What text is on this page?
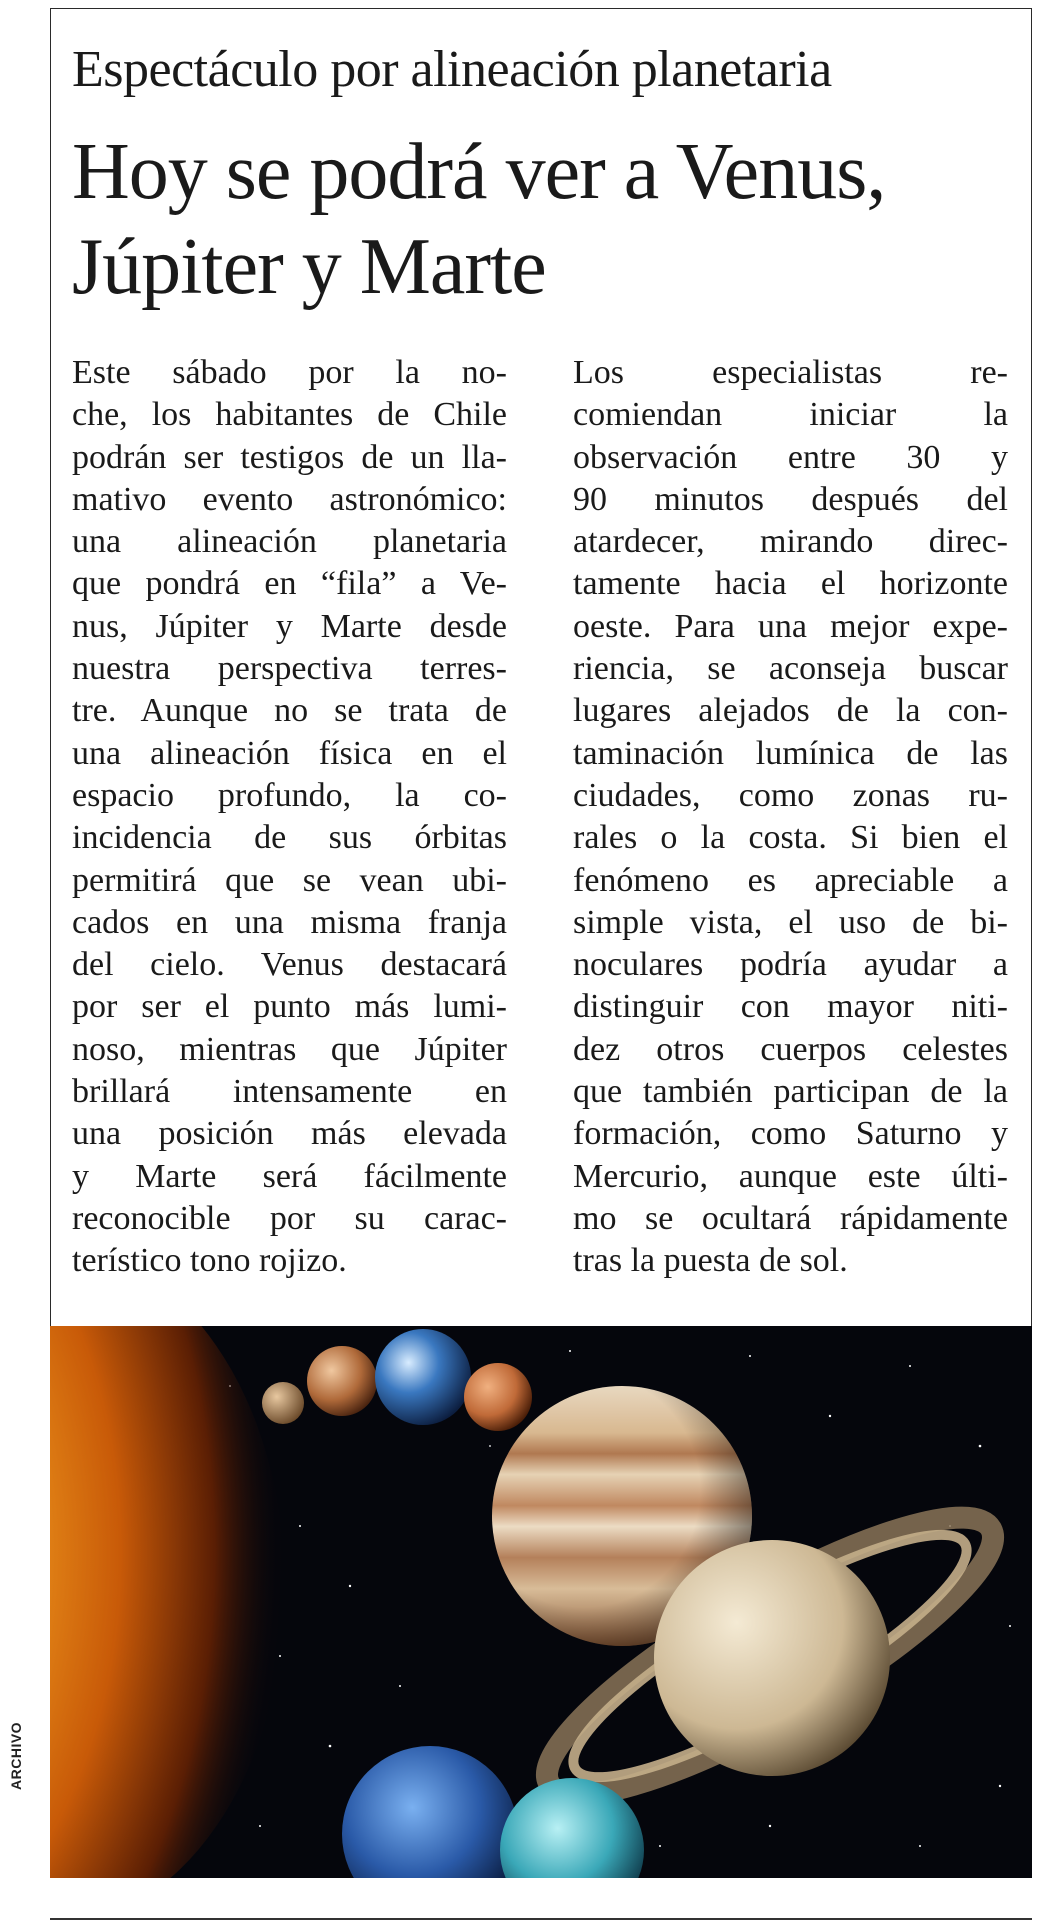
Espectáculo por alineación planetaria
Hoy se podrá ver a Venus,
Júpiter y Marte
Este sábado por la no-
che, los habitantes de Chile
podrán ser testigos de un lla-
mativo evento astronómico:
una alineación planetaria
que pondrá en “fila” a Ve-
nus, Júpiter y Marte desde
nuestra perspectiva terres-
tre. Aunque no se trata de
una alineación física en el
espacio profundo, la co-
incidencia de sus órbitas
permitirá que se vean ubi-
cados en una misma franja
del cielo. Venus destacará
por ser el punto más lumi-
noso, mientras que Júpiter
brillará intensamente en
una posición más elevada
y Marte será fácilmente
reconocible por su carac-
terístico tono rojizo.
Los especialistas re-
comiendan iniciar la
observación entre 30 y
90 minutos después del
atardecer, mirando direc-
tamente hacia el horizonte
oeste. Para una mejor expe-
riencia, se aconseja buscar
lugares alejados de la con-
taminación lumínica de las
ciudades, como zonas ru-
rales o la costa. Si bien el
fenómeno es apreciable a
simple vista, el uso de bi-
noculares podría ayudar a
distinguir con mayor niti-
dez otros cuerpos celestes
que también participan de la
formación, como Saturno y
Mercurio, aunque este últi-
mo se ocultará rápidamente
tras la puesta de sol.
ARCHIVO
